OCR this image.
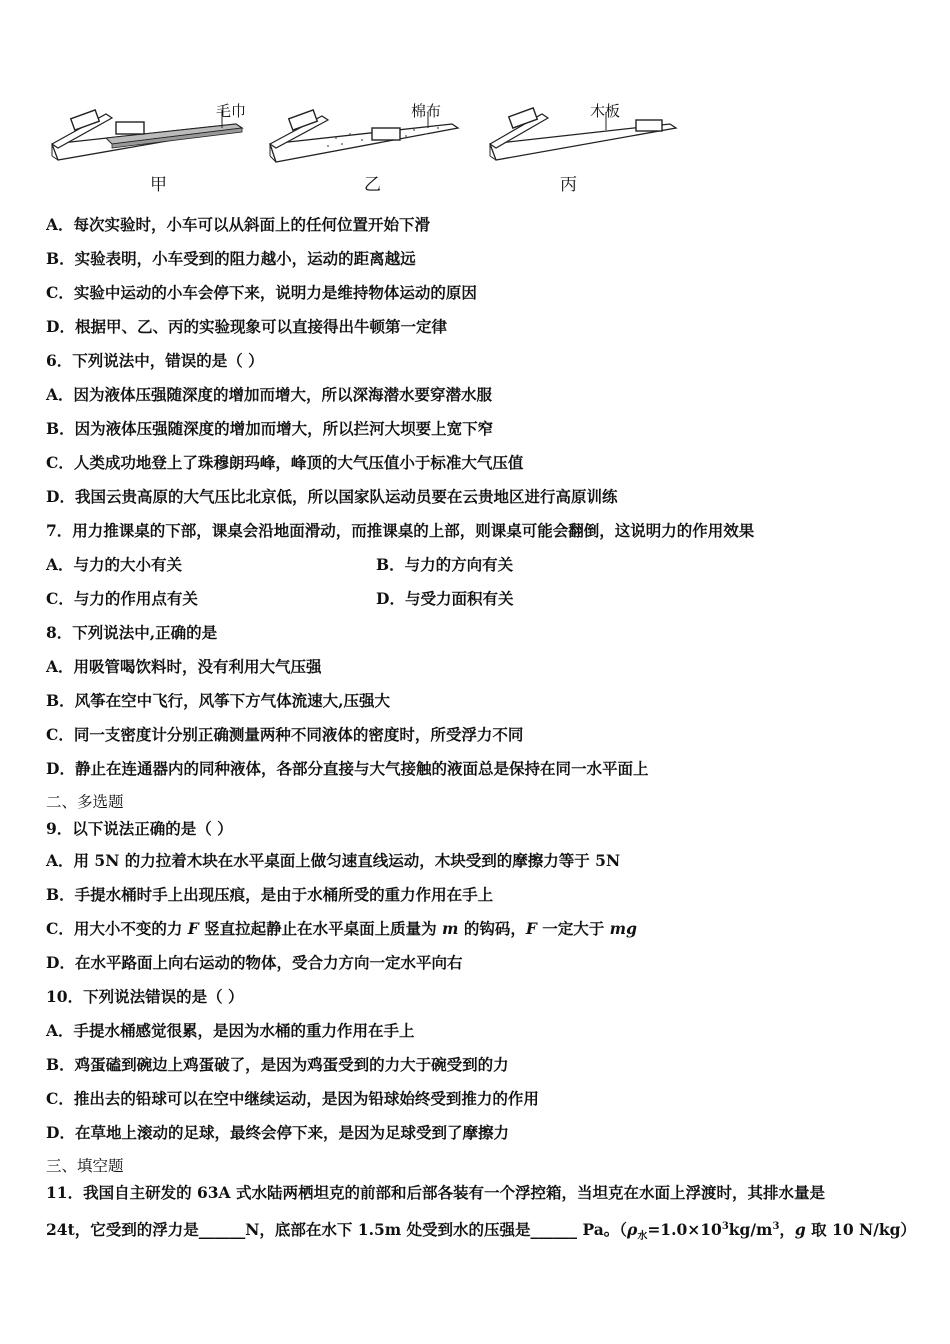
毛巾
甲
棉布
乙
木板
丙
A．每次实验时，小车可以从斜面上的任何位置开始下滑
B．实验表明，小车受到的阻力越小，运动的距离越远
C．实验中运动的小车会停下来，说明力是维持物体运动的原因
D．根据甲、乙、丙的实验现象可以直接得出牛顿第一定律
6．下列说法中，错误的是（ ）
A．因为液体压强随深度的增加而增大，所以深海潜水要穿潜水服
B．因为液体压强随深度的增加而增大，所以拦河大坝要上宽下窄
C．人类成功地登上了珠穆朗玛峰，峰顶的大气压值小于标准大气压值
D．我国云贵高原的大气压比北京低，所以国家队运动员要在云贵地区进行高原训练
7．用力推课桌的下部，课桌会沿地面滑动，而推课桌的上部，则课桌可能会翻倒，这说明力的作用效果
A．与力的大小有关	B．与力的方向有关
C．与力的作用点有关	D．与受力面积有关
8．下列说法中,正确的是
A．用吸管喝饮料时，没有利用大气压强
B．风筝在空中飞行，风筝下方气体流速大,压强大
C．同一支密度计分别正确测量两种不同液体的密度时，所受浮力不同
D．静止在连通器内的同种液体，各部分直接与大气接触的液面总是保持在同一水平面上
二、多选题
9．以下说法正确的是（ ）
A．用 5N 的力拉着木块在水平桌面上做匀速直线运动，木块受到的摩擦力等于 5N
B．手提水桶时手上出现压痕，是由于水桶所受的重力作用在手上
C．用大小不变的力 F 竖直拉起静止在水平桌面上质量为 m 的钩码，F 一定大于 mg
D．在水平路面上向右运动的物体，受合力方向一定水平向右
10．下列说法错误的是（ ）
A．手提水桶感觉很累，是因为水桶的重力作用在手上
B．鸡蛋磕到碗边上鸡蛋破了，是因为鸡蛋受到的力大于碗受到的力
C．推出去的铅球可以在空中继续运动，是因为铅球始终受到推力的作用
D．在草地上滚动的足球，最终会停下来，是因为足球受到了摩擦力
三、填空题
11．我国自主研发的 63A 式水陆两栖坦克的前部和后部各装有一个浮控箱，当坦克在水面上浮渡时，其排水量是
24t，它受到的浮力是______N，底部在水下 1.5m 处受到水的压强是______ Pa。（$\rho_水=1.0\times 10^3kg/m^3$，g 取 10 N/kg）
